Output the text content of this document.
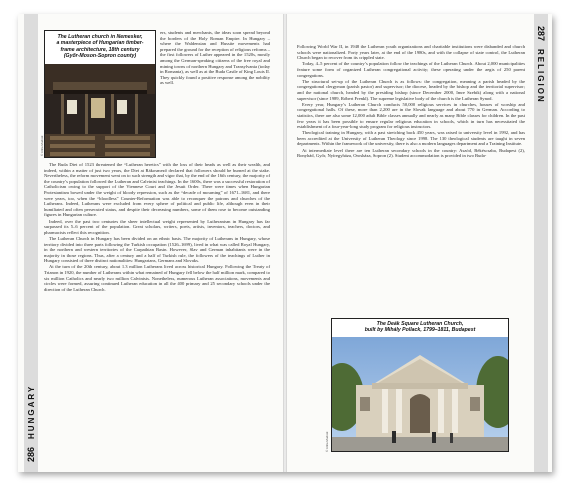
286HUNGARY
The Lutheran church in Nemesker,
a masterpiece of Hungarian timber-
frame architecture, 18th century
(Győr-Moson-Sopron county)
© Attila Mudrák

ers, students and merchants, the ideas soon spread beyond the borders of the Holy Roman Empire. In Hungary – where the Waldensian and Hussite movements had prepared the ground for the reception of religious reforms – the first followers of Luther appeared in the 1520s, mostly among the German-speaking citizens of the free royal and mining towns of northern Hungary and Transylvania (today in Romania), as well as at the Buda Castle of King Louis II. They quickly found a positive response among the nobility as well.

The Buda Diet of 1523 threatened the “Lutheran heretics” with the loss of their heads as well as their wealth, and indeed, within a matter of just two years, the Diet at Rákosmező declared that followers should be burned at the stake. Nevertheless, the reform movement went on to such strength and vigor that, by the end of the 16th century, the majority of the country’s population followed the Lutheran and Calvinist teachings. In the 1600s, there was a successful restoration of Catholicism owing to the support of the Viennese Court and the Jesuit Order. There were times when Hungarian Protestantism bowed under the weight of bloody repression, such as the “decade of mourning” of 1671–1681, and there were years, too, when the “bloodless” Counter-Reformation was able to reconquer the patrons and churches of the Lutherans. Indeed, Lutherans were excluded from every sphere of political and public life, although even in their humiliated and often persecuted status, and despite their decreasing numbers, some of them rose to become outstanding figures in Hungarian culture.

Indeed, over the past two centuries the sheer intellectual weight represented by Lutheranism in Hungary has far surpassed its 5–6 percent of the population. Great scholars, writers, poets, artists, inventors, teachers, doctors, and pharmacists reflect this recognition.

The Lutheran Church in Hungary has been divided on an ethnic basis. The majority of Lutherans in Hungary, whose territory divided into three parts following the Turkish occupation (1526–1699), lived in what was called Royal Hungary, in the northern and western territories of the Carpathian Basin. However, Slav and German inhabitants were in the majority in those regions. Thus, after a century and a half of Turkish rule, the followers of the teachings of Luther in Hungary consisted of three distinct nationalities: Hungarians, Germans and Slovaks.

At the turn of the 20th century, about 1.3 million Lutherans lived across historical Hungary. Following the Treaty of Trianon in 1920, the number of Lutherans within what remained of Hungary fell below the half million mark, compared to six million Catholics and nearly two million Calvinists. Nonetheless, numerous Lutheran associations, movements and circles were formed, assuring continued Lutheran education in all the 400 primary and 25 secondary schools under the direction of the Lutheran Church.

287RELIGION

Following World War II, in 1948 the Lutheran youth organizations and charitable institutions were disbanded and church schools were nationalized. Forty years later, at the end of the 1980s, and with the collapse of state control, the Lutheran Church began to recover from its crippled state.

Today, 4–5 percent of the country’s population follow the teachings of the Lutheran Church. About 2,000 municipalities feature some form of organized Lutheran congregational activity; these operating under the aegis of 250 parent congregations.

The structural set-up of the Lutheran Church is as follows: the congregation, meaning a parish headed by the congregational clergyman (parish pastor) and supervisor; the diocese, headed by the bishop and the territorial supervisor; and the national church, headed by the presiding bishop (since December 2000, Imre Szebik) along with a national supervisor (since 1989, Róbert Frenkl). The supreme legislative body of the church is the Lutheran Synod.

Every year, Hungary’s Lutheran Church conducts 50,000 religious services in churches, houses of worship and congregational halls. Of these, more than 2,200 are in the Slovak language and about 770 in German. According to statistics, there are also some 12,000 adult Bible classes annually and nearly as many Bible classes for children. In the past few years it has been possible to ensure regular religious education in schools, which in turn has necessitated the establishment of a four-year-long study program for religious instructors.

Theological training in Hungary, with a past stretching back 450 years, was raised to university level in 1992, and has been accredited at the University of Lutheran Theology since 1998. The 130 theological students are taught in seven departments. Within the framework of the university, there is also a modern languages department and a Training Institute.

At intermediate level there are ten Lutheran secondary schools in the country: Aszód, Békéscsaba, Budapest (2), Bonyhád, Győr, Nyíregyháza, Orosháza, Sopron (2). Student accommodation is provided in two Buda-

The Deák Square Lutheran Church,
built by Mihály Pollack, 1799–1811, Budapest
© Attila Mudrák
